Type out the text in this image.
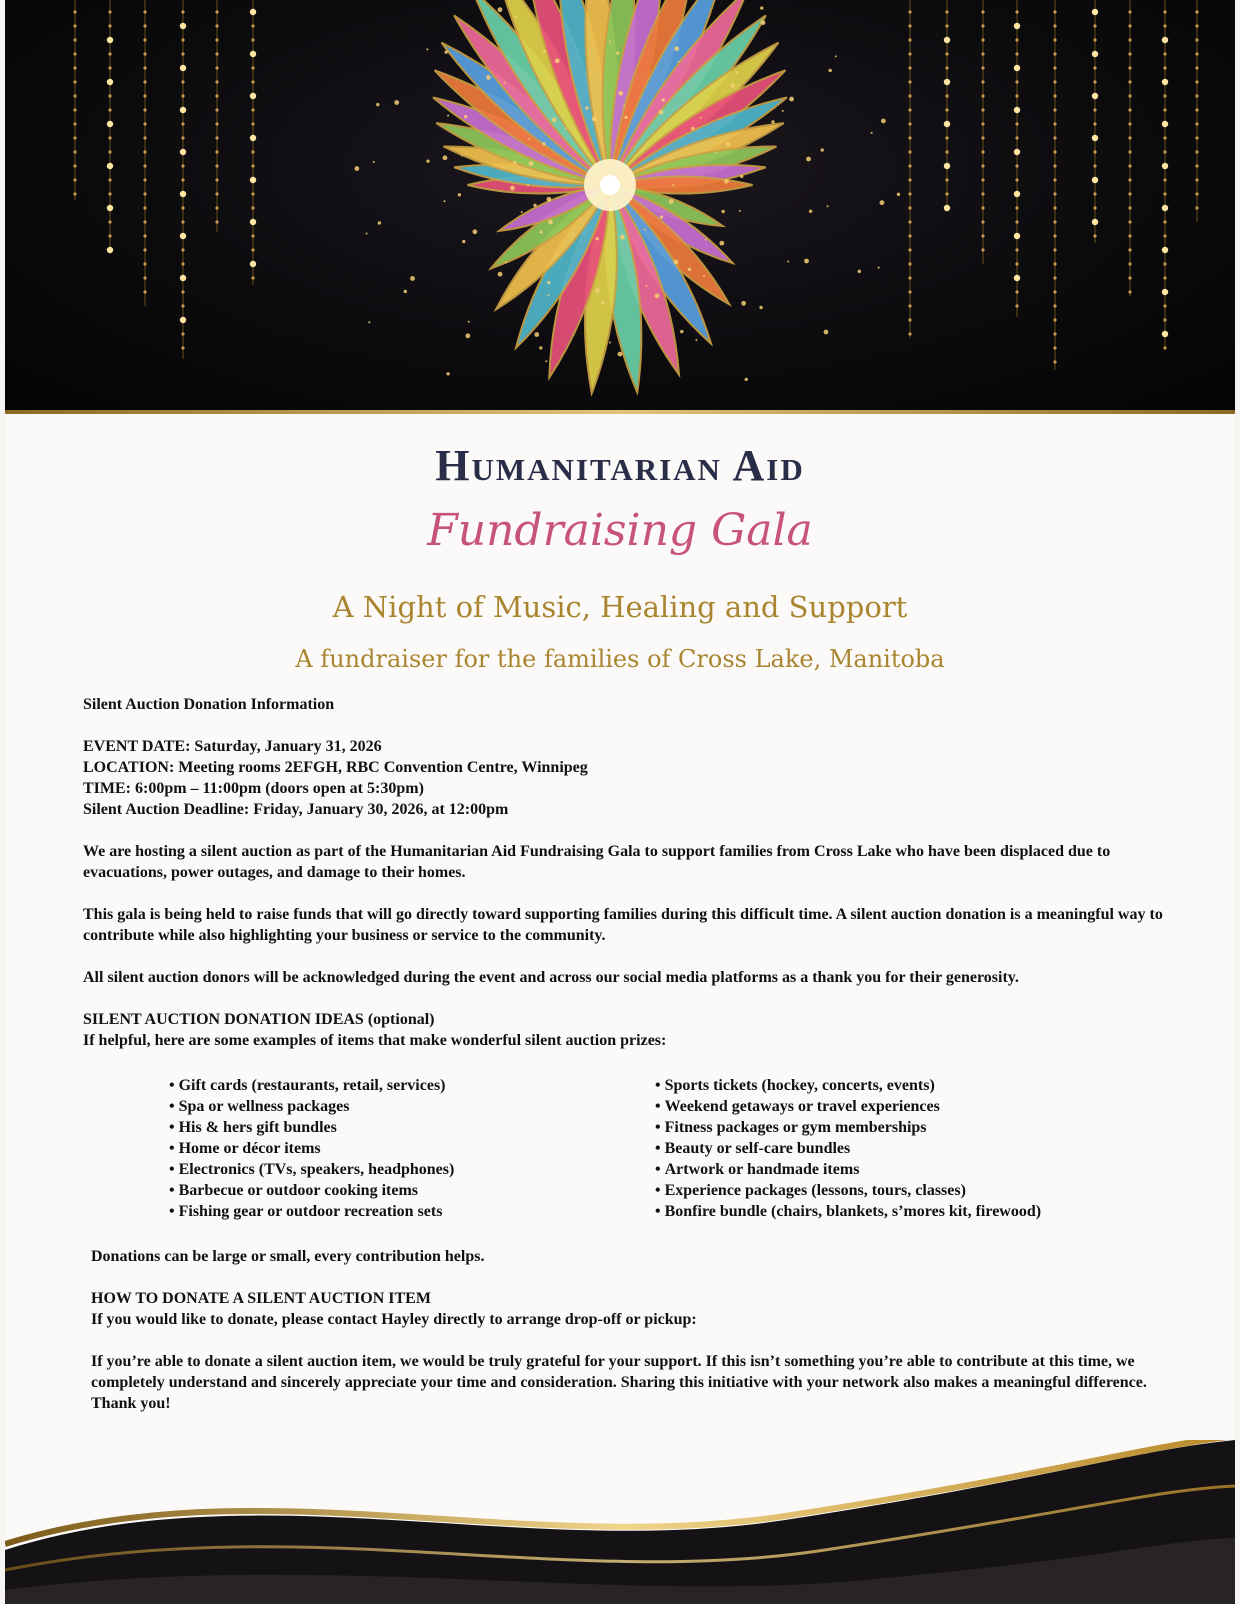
Humanitarian Aid
Fundraising Gala
A Night of Music, Healing and Support
A fundraiser for the families of Cross Lake, Manitoba

Silent Auction Donation Information

EVENT DATE: Saturday, January 31, 2026

LOCATION: Meeting rooms 2EFGH, RBC Convention Centre, Winnipeg

TIME: 6:00pm – 11:00pm (doors open at 5:30pm)

Silent Auction Deadline: Friday, January 30, 2026, at 12:00pm

We are hosting a silent auction as part of the Humanitarian Aid Fundraising Gala to support families from Cross Lake who have been displaced due to evacuations, power outages, and damage to their homes.

This gala is being held to raise funds that will go directly toward supporting families during this difficult time. A silent auction donation is a meaningful way to contribute while also highlighting your business or service to the community.

All silent auction donors will be acknowledged during the event and across our social media platforms as a thank you for their generosity.

SILENT AUCTION DONATION IDEAS (optional)

If helpful, here are some examples of items that make wonderful silent auction prizes:

• Gift cards (restaurants, retail, services)
• Spa or wellness packages
• His & hers gift bundles
• Home or décor items
• Electronics (TVs, speakers, headphones)
• Barbecue or outdoor cooking items
• Fishing gear or outdoor recreation sets
• Sports tickets (hockey, concerts, events)
• Weekend getaways or travel experiences
• Fitness packages or gym memberships
• Beauty or self-care bundles
• Artwork or handmade items
• Experience packages (lessons, tours, classes)
• Bonfire bundle (chairs, blankets, s’mores kit, firewood)

Donations can be large or small, every contribution helps.

HOW TO DONATE A SILENT AUCTION ITEM

If you would like to donate, please contact Hayley directly to arrange drop-off or pickup:

If you’re able to donate a silent auction item, we would be truly grateful for your support. If this isn’t something you’re able to contribute at this time, we completely understand and sincerely appreciate your time and consideration. Sharing this initiative with your network also makes a meaningful difference. Thank you!
